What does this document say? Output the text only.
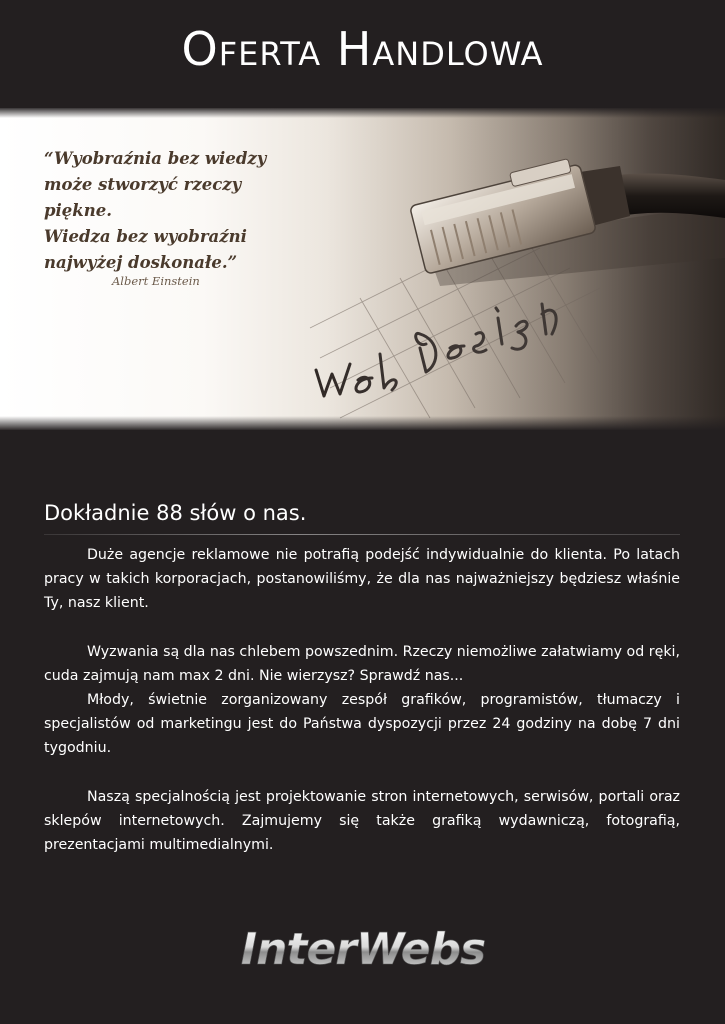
Oferta Handlowa
“Wyobraźnia bez wiedzy
może stworzyć rzeczy piękne.
Wiedza bez wyobraźni
najwyżej doskonałe.”
Albert Einstein
Dokładnie 88 słów o nas.

Duże agencje reklamowe nie potrafią podejść indywidualnie do klienta. Po latach pracy w takich korporacjach, postanowiliśmy, że dla nas najważniejszy będziesz właśnie Ty, nasz klient.

Wyzwania są dla nas chlebem powszednim. Rzeczy niemożliwe załatwiamy od ręki, cuda zajmują nam max 2 dni. Nie wierzysz? Sprawdź nas...

Młody, świetnie zorganizowany zespół grafików, programistów, tłumaczy i specjalistów od marketingu jest do Państwa dyspozycji przez 24 godziny na dobę 7 dni tygodniu.

Naszą specjalnością jest projektowanie stron internetowych, serwisów, portali oraz sklepów internetowych. Zajmujemy się także grafiką wydawniczą, fotografią, prezentacjami multimedialnymi.

InterWebs
